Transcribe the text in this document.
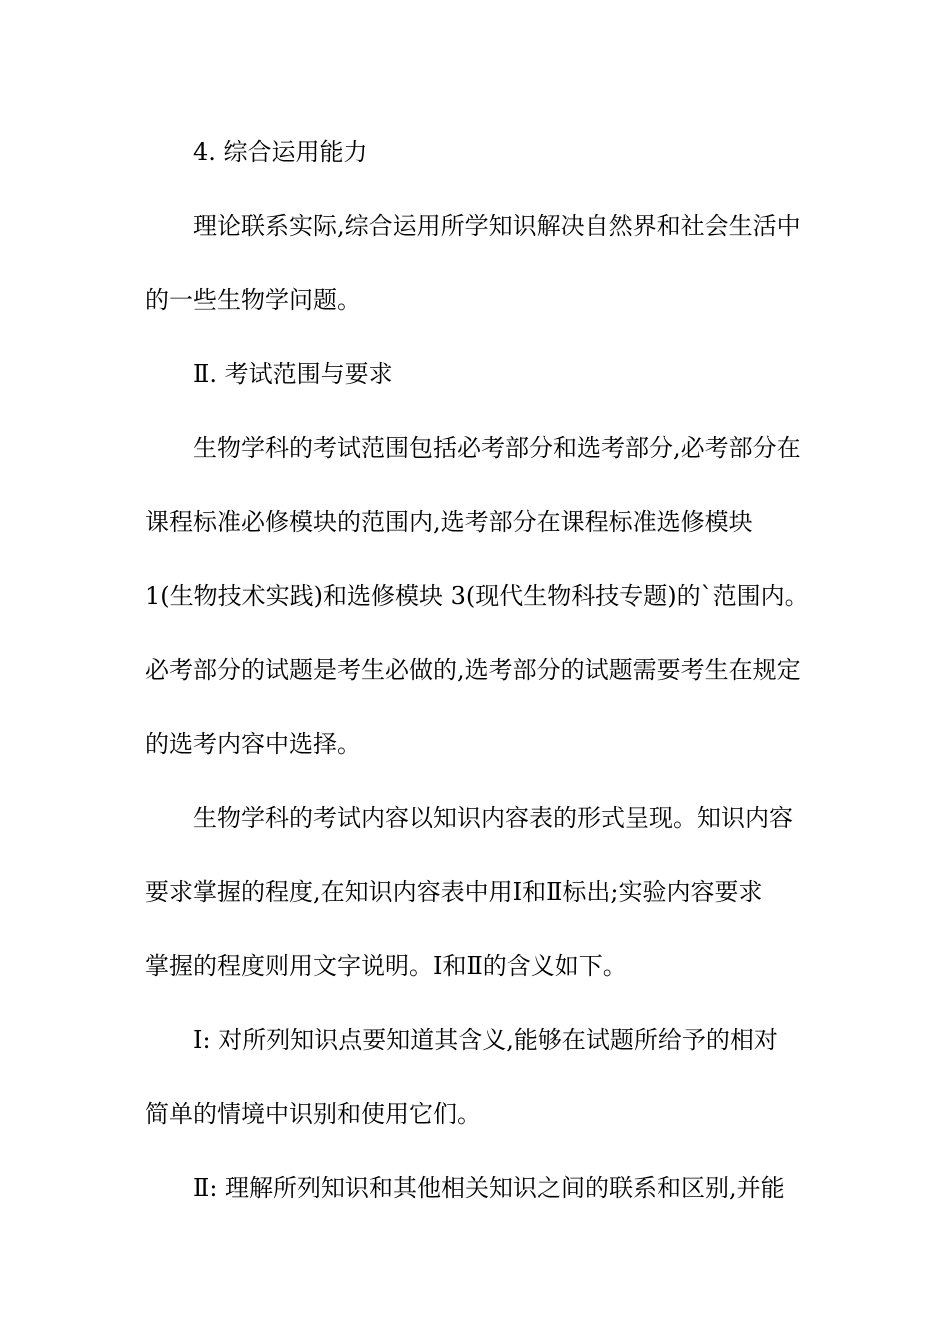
4. 综合运用能力

理论联系实际,综合运用所学知识解决自然界和社会生活中

的一些生物学问题。

Ⅱ. 考试范围与要求

生物学科的考试范围包括必考部分和选考部分,必考部分在

课程标准必修模块的范围内,选考部分在课程标准选修模块

1(生物技术实践)和选修模块 3(现代生物科技专题)的`范围内。

必考部分的试题是考生必做的,选考部分的试题需要考生在规定

的选考内容中选择。

生物学科的考试内容以知识内容表的形式呈现。知识内容

要求掌握的程度,在知识内容表中用Ⅰ和Ⅱ标出;实验内容要求

掌握的程度则用文字说明。Ⅰ和Ⅱ的含义如下。

Ⅰ: 对所列知识点要知道其含义,能够在试题所给予的相对

简单的情境中识别和使用它们。

Ⅱ: 理解所列知识和其他相关知识之间的联系和区别,并能
